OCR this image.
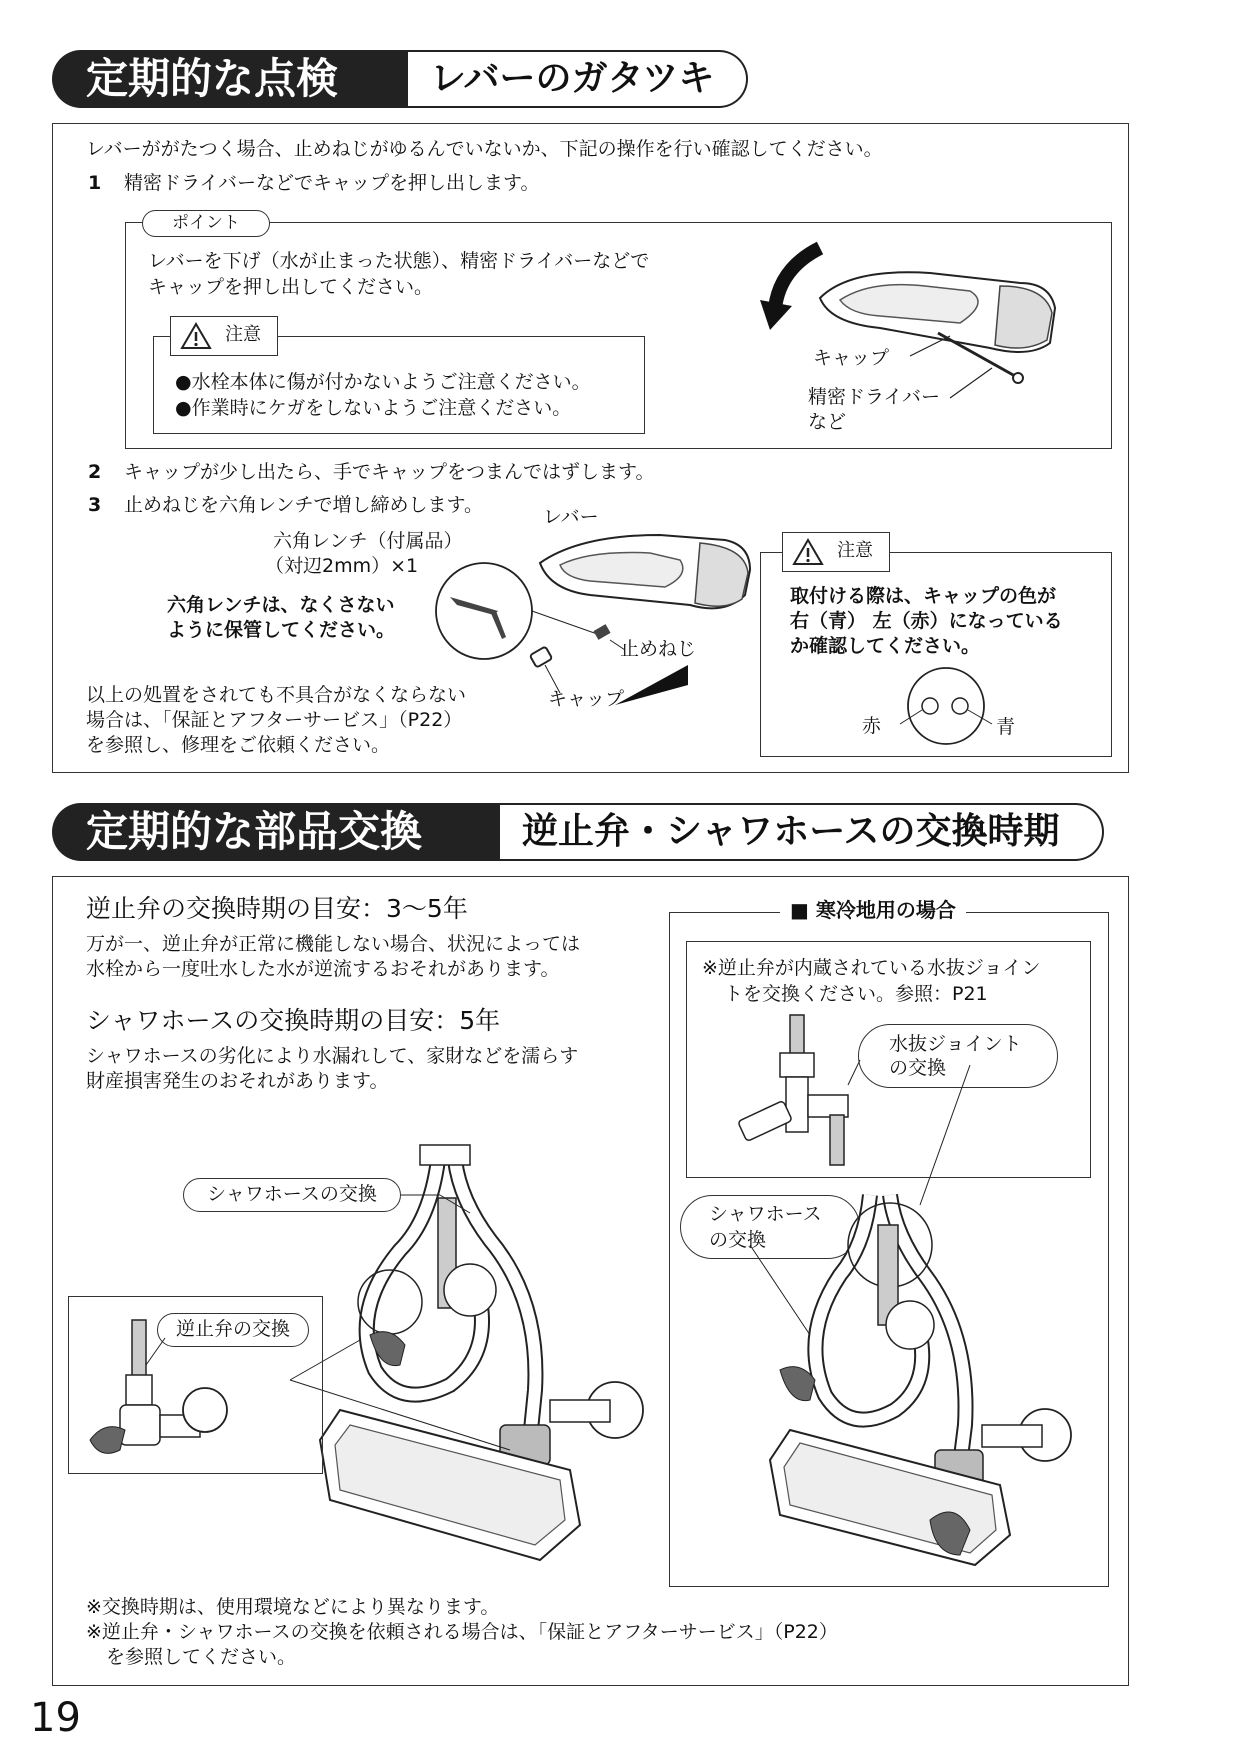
定期的な点検	レバーのガタツキ
レバーががたつく場合、止めねじがゆるんでいないか、下記の操作を行い確認してください。
1 精密ドライバーなどでキャップを押し出します。
ポイント
レバーを下げ（水が止まった状態）、精密ドライバーなどで
キャップを押し出してください。
注意
●水栓本体に傷が付かないようご注意ください。
●作業時にケガをしないようご注意ください。
キャップ
精密ドライバー
など
2 キャップが少し出たら、手でキャップをつまんではずします。
3 止めねじを六角レンチで増し締めします。
六角レンチ（付属品）
（対辺2mm）×1
六角レンチは、なくさない
ように保管してください。
レバー
止めねじ
キャップ
注意
取付ける際は、キャップの色が
右（青） 左（赤）になっている
か確認してください。
赤	青
以上の処置をされても不具合がなくならない
場合は、「保証とアフターサービス」（P22）
を参照し、修理をご依頼ください。
定期的な部品交換	逆止弁・シャワホースの交換時期
逆止弁の交換時期の目安：3～5年
万が一、逆止弁が正常に機能しない場合、状況によっては
水栓から一度吐水した水が逆流するおそれがあります。
シャワホースの交換時期の目安：5年
シャワホースの劣化により水漏れして、家財などを濡らす
財産損害発生のおそれがあります。
シャワホースの交換
逆止弁の交換
■ 寒冷地用の場合
※逆止弁が内蔵されている水抜ジョイン
トを交換ください。参照：P21
水抜ジョイント
の交換
シャワホース
の交換
※交換時期は、使用環境などにより異なります。
※逆止弁・シャワホースの交換を依頼される場合は、「保証とアフターサービス」（P22）
を参照してください。
19
